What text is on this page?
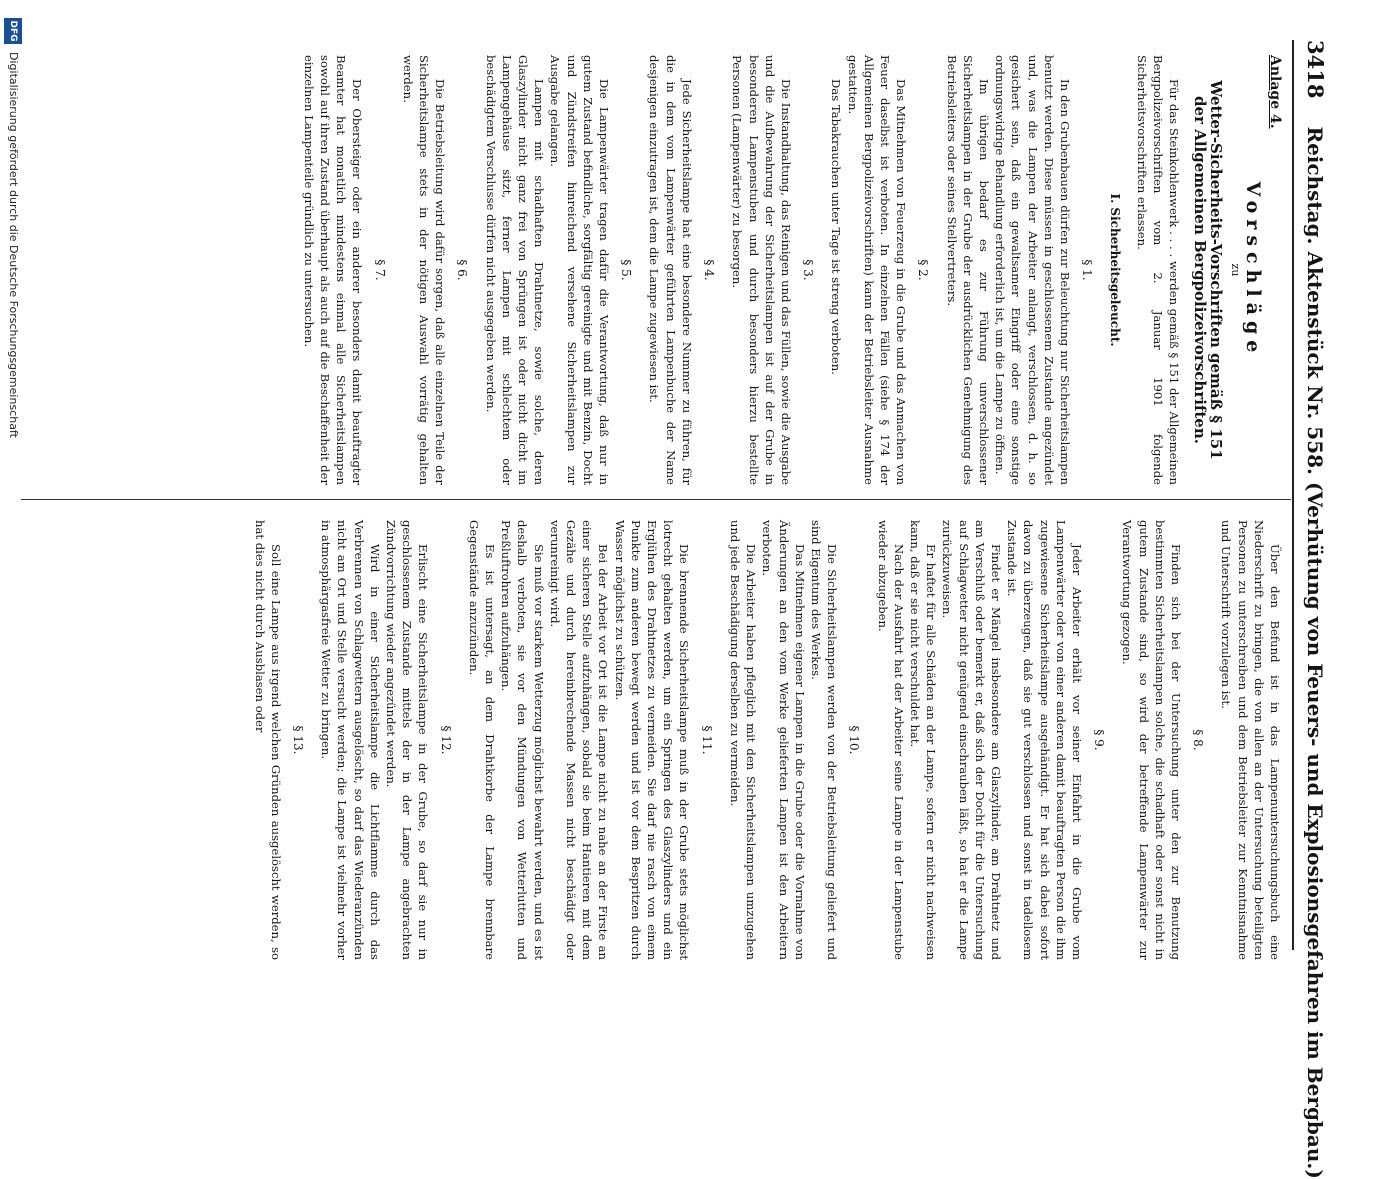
3418
Reichstag. Aktenstück Nr. 558. (Verhütung von Feuers- und Explosionsgefahren im Bergbau.)
Anlage 4.
Vorschläge
zu
Wetter-Sicherheits-Vorschriften gemäß § 151
der Allgemeinen Bergpolizeivorschriften.

Für das Steinkohlenwerk . . . . werden gemäß § 151 der Allgemeinen Bergpolizeivorschriften vom 2. Januar 1901 folgende Sicherheitsvorschriften erlassen.

I. Sicherheitsgeleucht.
§ 1.

In den Grubenbauen dürfen zur Beleuchtung nur Sicherheitslampen benutzt werden. Diese müssen in geschlossenem Zustande angezündet und, was die Lampen der Arbeiter anlangt, verschlossen, d. h. so gesichert sein, daß ein gewaltsamer Eingriff oder eine sonstige ordnungswidrige Behandlung erforderlich ist, um die Lampe zu öffnen.

Im übrigen bedarf es zur Führung unverschlossener Sicherheitslampen in der Grube der ausdrücklichen Genehmigung des Betriebsleiters oder seines Stellvertreters.

§ 2.

Das Mitnehmen von Feuerzeug in die Grube und das Anmachen von Feuer daselbst ist verboten. In einzelnen Fällen (siehe § 174 der Allgemeinen Bergpolizeivorschriften) kann der Betriebsleiter Ausnahme gestatten.

Das Tabakrauchen unter Tage ist streng verboten.

§ 3.

Die Instandhaltung, das Reinigen und das Füllen, sowie die Ausgabe und die Aufbewahrung der Sicherheitslampen ist auf der Grube in besonderen Lampenstuben und durch besonders hierzu bestellte Personen (Lampenwärter) zu besorgen.

§ 4.

Jede Sicherheitslampe hat eine besondere Nummer zu führen, für die in dem vom Lampenwärter geführten Lampenbuche der Name desjenigen einzutragen ist, dem die Lampe zugewiesen ist.

§ 5.

Die Lampenwärter tragen dafür die Verantwortung, daß nur in gutem Zustand befindliche, sorgfältig gereinigte und mit Benzin, Docht und Zündstreifen hinreichend versehene Sicherheitslampen zur Ausgabe gelangen.

Lampen mit schadhaften Drahtnetze, sowie solche, deren Glaszylinder nicht ganz frei von Sprüngen ist oder nicht dicht im Lampengehäuse sitzt, ferner Lampen mit schlechtem oder beschädigtem Verschlusse dürfen nicht ausgegeben werden.

§ 6.

Die Betriebsleitung wird dafür sorgen, daß alle einzelnen Teile der Sicherheitslampe stets in der nötigen Auswahl vorrätig gehalten werden.

§ 7.

Der Obersteiger oder ein anderer besonders damit beauftragter Beamter hat monatlich mindestens einmal alle Sicherheitslampen sowohl auf ihren Zustand überhaupt als auch auf die Beschaffenheit der einzelnen Lampenteile gründlich zu untersuchen.

Über den Befund ist in das Lampenuntersuchungsbuch eine Niederschrift zu bringen, die von allen an der Untersuchung beteiligten Personen zu unterschreiben und dem Betriebsleiter zur Kenntnisnahme und Unterschrift vorzulegen ist.

§ 8.

Finden sich bei der Untersuchung unter den zur Benutzung bestimmten Sicherheitslampen solche, die schadhaft oder sonst nicht in gutem Zustande sind, so wird der betreffende Lampenwärter zur Verantwortung gezogen.

§ 9.

Jeder Arbeiter erhält vor seiner Einfahrt in die Grube vom Lampenwärter oder von einer anderen damit beauftragten Person die ihm zugewiesene Sicherheitslampe ausgehändigt. Er hat sich dabei sofort davon zu überzeugen, daß sie gut verschlossen und sonst in tadellosem Zustande ist.

Findet er Mängel insbesondere am Glaszylinder, am Drahtnetz und am Verschluß oder bemerkt er, daß sich der Docht für die Untersuchung auf Schlagwetter nicht genügend einschrauben läßt, so hat er die Lampe zurückzuweisen.

Er haftet für alle Schäden an der Lampe, sofern er nicht nachweisen kann, daß er sie nicht verschuldet hat.

Nach der Ausfahrt hat der Arbeiter seine Lampe in der Lampenstube wieder abzugeben.

§ 10.

Die Sicherheitslampen werden von der Betriebsleitung geliefert und sind Eigentum des Werkes.

Das Mitnehmen eigener Lampen in die Grube oder die Vornahme von Änderungen an den vom Werke gelieferten Lampen ist den Arbeitern verboten.

Die Arbeiter haben pfleglich mit den Sicherheitslampen umzugehen und jede Beschädigung derselben zu vermeiden.

§ 11.

Die brennende Sicherheitslampe muß in der Grube stets möglichst lotrecht gehalten werden, um ein Springen des Glaszylinders und ein Erglühen des Drahtnetzes zu vermeiden. Sie darf nie rasch von einem Punkte zum anderen bewegt werden und ist vor dem Bespritzen durch Wasser möglichst zu schützen.

Bei der Arbeit vor Ort ist die Lampe nicht zu nahe an der Firste an einer sicheren Stelle aufzuhängen, sobald sie beim Hantieren mit dem Gezähe und durch hereinbrechende Massen nicht beschädigt oder verunreinigt wird.

Sie muß vor starkem Wetterzug möglichst bewahrt werden, und es ist deshalb verboten, sie vor den Mündungen von Wetterlutten und Preßluftrohren aufzuhängen.

Es ist untersagt, an dem Drahtkorbe der Lampe brennbare Gegenstände anzuzünden.

§ 12.

Erlischt eine Sicherheitslampe in der Grube, so darf sie nur in geschlossenem Zustande mittels der in der Lampe angebrachten Zündvorrichtung wieder angezündet werden.

Wird in einer Sicherheitslampe die Lichtflamme durch das Verbrennen von Schlagwettern ausgelöscht, so darf das Wiederanzünden nicht am Ort und Stelle versucht werden; die Lampe ist vielmehr vorher in atmosphärgasfreie Wetter zu bringen.

§ 13.

Soll eine Lampe aus irgend welchen Gründen ausgelöscht werden, so hat dies nicht durch Ausblasen oder

DFG
Digitalisierung gefördert durch die Deutsche Forschungsgemeinschaft
